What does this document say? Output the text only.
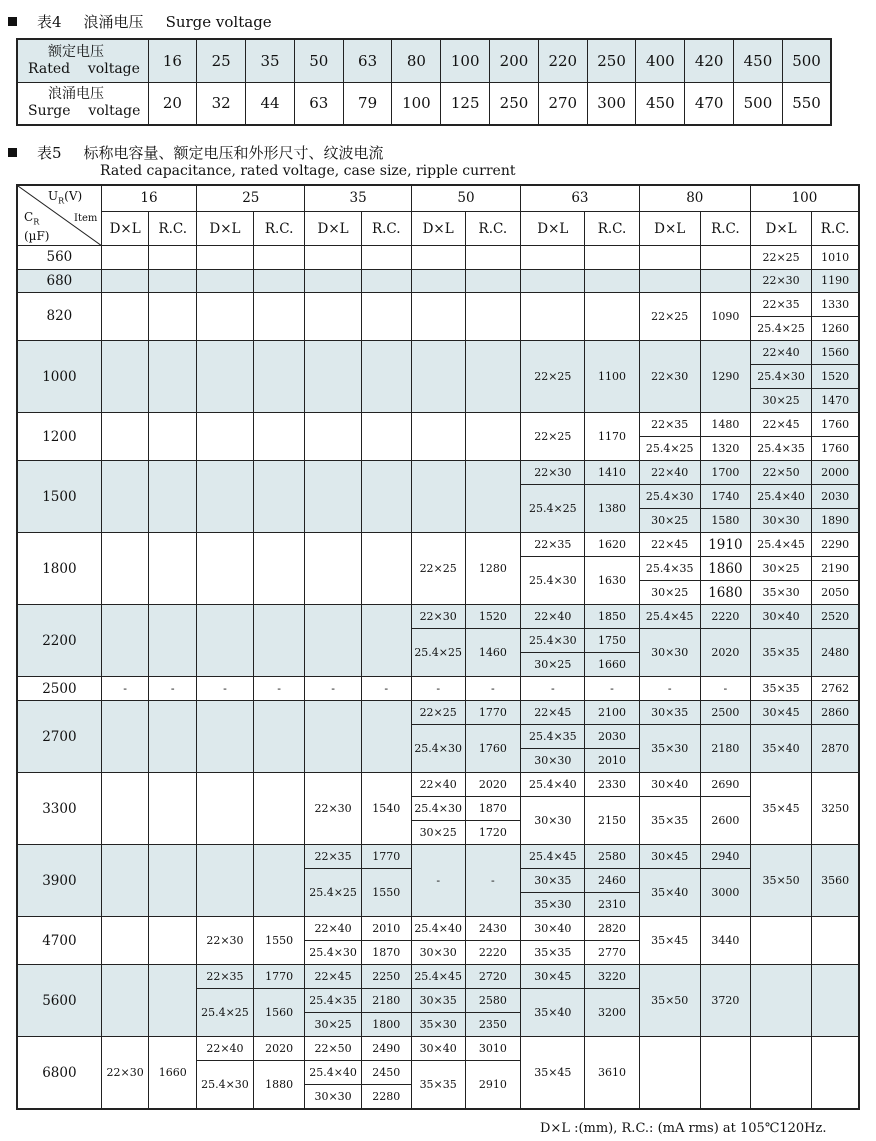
表4 浪涌电压 Surge voltage
额定电压
Rated    voltage	16	25	35	50	63	80	100	200	220	250	400	420	450	500

浪涌电压
Surge    voltage	20	32	44	63	79	100	125	250	270	300	450	470	500	550
表5 标称电容量、额定电压和外形尺寸、纹波电流
Rated capacitance, rated voltage, case size, ripple current
$U_R(V)$
Item
$C_R$
(µF)	16		25		35		50		63		80		100	
	D×L	R.C.	D×L	R.C.	D×L	R.C.	D×L	R.C.	D×L	R.C.	D×L	R.C.	D×L	R.C.
560													22×25	1010
680													22×30	1190
820											22×25	1090	22×35	1330
													25.4×25	1260
1000									22×25	1100	22×30	1290	22×40	1560
													25.4×30	1520
													30×25	1470
1200									22×25	1170	22×35	1480	22×45	1760
											25.4×25	1320	25.4×35	1760
1500									22×30	1410	22×40	1700	22×50	2000
									25.4×25	1380	25.4×30	1740	25.4×40	2030
											30×25	1580	30×30	1890
1800							22×25	1280	22×35	1620	22×45	1910	25.4×45	2290
									25.4×30	1630	25.4×35	1860	30×25	2190
											30×25	1680	35×30	2050
2200							22×30	1520	22×40	1850	25.4×45	2220	30×40	2520
							25.4×25	1460	25.4×30	1750	30×30	2020	35×35	2480
									30×25	1660				
2500	-	-	-	-	-	-	-	-	-	-	-	-	35×35	2762
2700							22×25	1770	22×45	2100	30×35	2500	30×45	2860
							25.4×30	1760	25.4×35	2030	35×30	2180	35×40	2870
									30×30	2010				
3300					22×30	1540	22×40	2020	25.4×40	2330	30×40	2690	35×45	3250
							25.4×30	1870	30×30	2150	35×35	2600		
							30×25	1720						
3900					22×35	1770	-	-	25.4×45	2580	30×45	2940	35×50	3560
					25.4×25	1550			30×35	2460	35×40	3000		
									35×30	2310				
4700			22×30	1550	22×40	2010	25.4×40	2430	30×40	2820	35×45	3440		
					25.4×30	1870	30×30	2220	35×35	2770				
5600			22×35	1770	22×45	2250	25.4×45	2720	30×45	3220	35×50	3720		
			25.4×25	1560	25.4×35	2180	30×35	2580	35×40	3200				
					30×25	1800	35×30	2350						
6800	22×30	1660	22×40	2020	22×50	2490	30×40	3010	35×45	3610				
			25.4×30	1880	25.4×40	2450	35×35	2910						
					30×30	2280								
D×L :(mm), R.C.: (mA rms) at 105℃120Hz.
